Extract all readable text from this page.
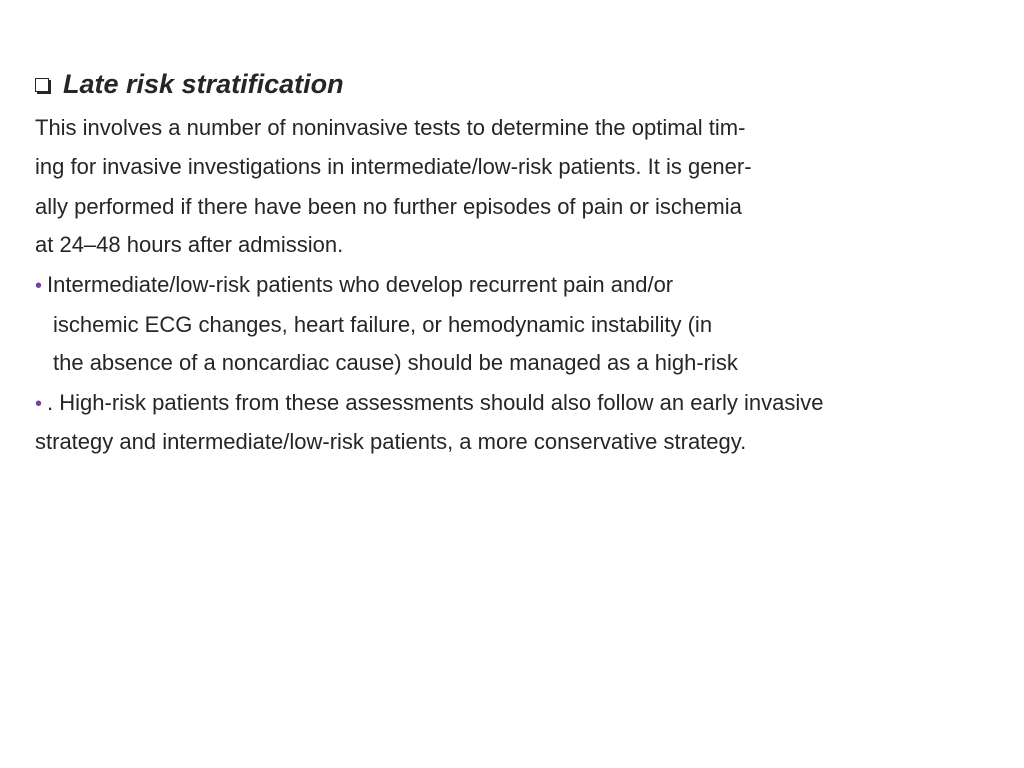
Late risk stratification
This involves a number of noninvasive tests to determine the optimal tim-
ing for invasive investigations in intermediate/low-risk patients. It is gener-
ally performed if there have been no further episodes of pain or ischemia
at 24–48 hours after admission.
• Intermediate/low-risk patients who develop recurrent pain and/or
ischemic ECG changes, heart failure, or hemodynamic instability (in
the absence of a noncardiac cause) should be managed as a high-risk
• . High-risk patients from these assessments should also follow an early invasive
strategy and intermediate/low-risk patients, a more conservative strategy.
